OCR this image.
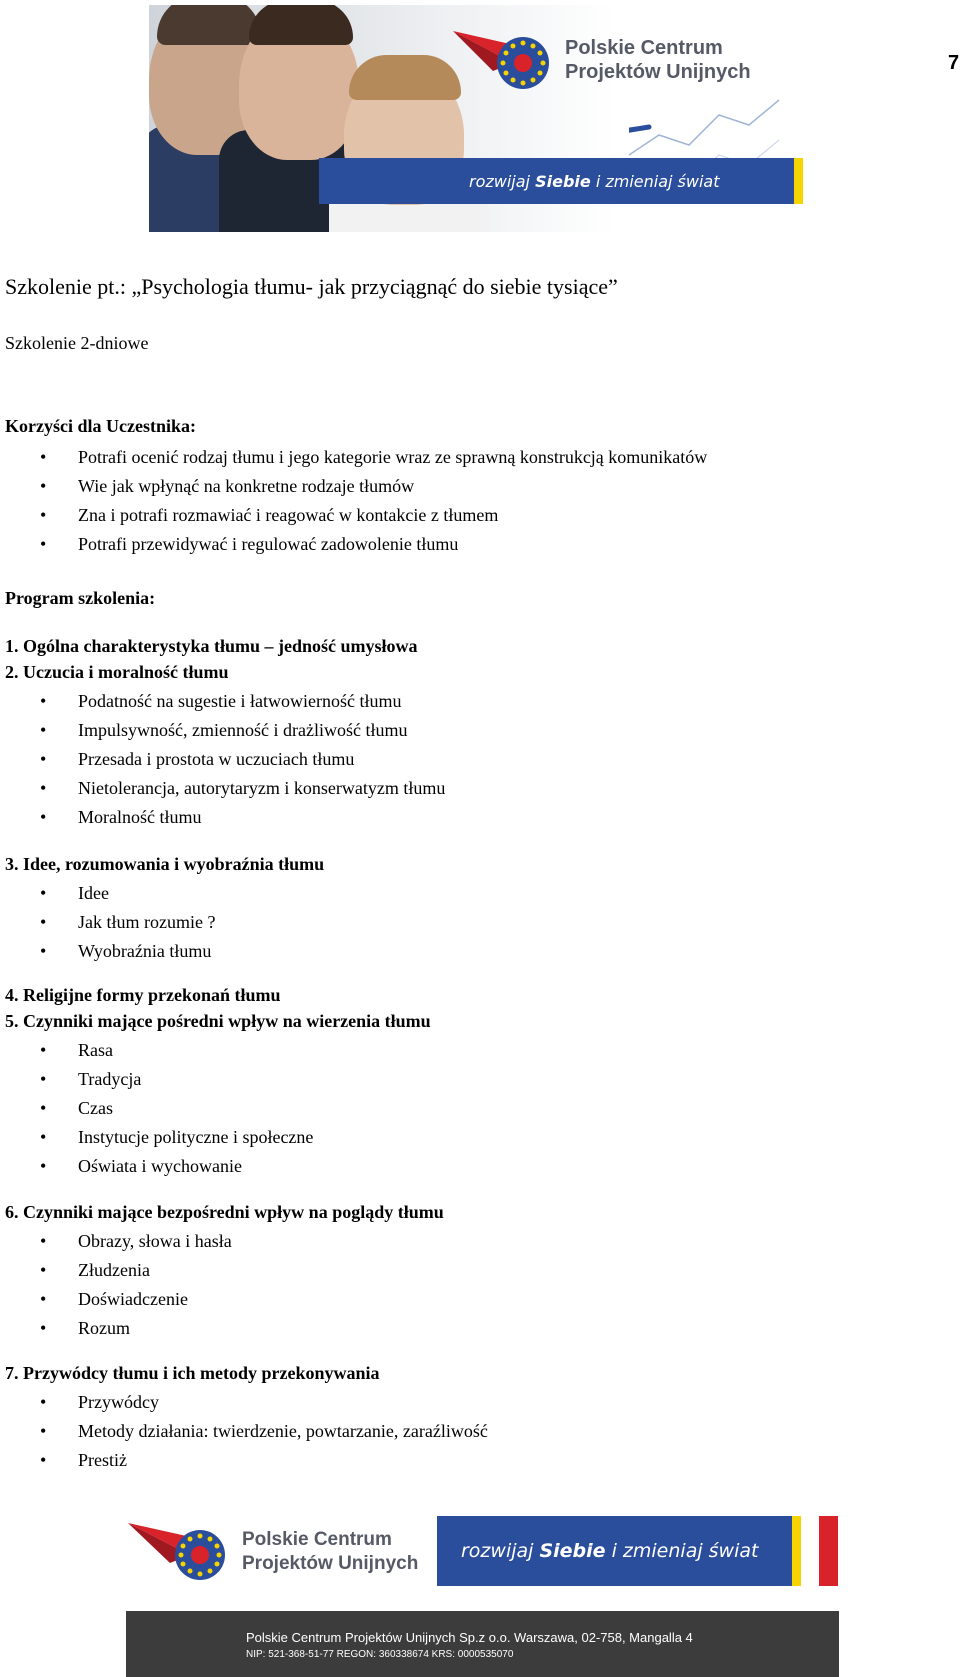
7
Polskie Centrum
Projektów Unijnych
rozwijaj Siebie i zmieniaj świat
Szkolenie pt.: „Psychologia tłumu- jak przyciągnąć do siebie tysiące”
Szkolenie 2-dniowe
Korzyści dla Uczestnika:
• Potrafi ocenić rodzaj tłumu i jego kategorie wraz ze sprawną konstrukcją komunikatów
• Wie jak wpłynąć na konkretne rodzaje tłumów
• Zna i potrafi rozmawiać i reagować w kontakcie z tłumem
• Potrafi przewidywać i regulować zadowolenie tłumu
Program szkolenia:
1. Ogólna charakterystyka tłumu – jedność umysłowa
2. Uczucia i moralność tłumu
• Podatność na sugestie i łatwowierność tłumu
• Impulsywność, zmienność i drażliwość tłumu
• Przesada i prostota w uczuciach tłumu
• Nietolerancja, autorytaryzm i konserwatyzm tłumu
• Moralność tłumu
3. Idee, rozumowania i wyobraźnia tłumu
• Idee
• Jak tłum rozumie ?
• Wyobraźnia tłumu
4. Religijne formy przekonań tłumu
5. Czynniki mające pośredni wpływ na wierzenia tłumu
• Rasa
• Tradycja
• Czas
• Instytucje polityczne i społeczne
• Oświata i wychowanie
6. Czynniki mające bezpośredni wpływ na poglądy tłumu
• Obrazy, słowa i hasła
• Złudzenia
• Doświadczenie
• Rozum
7. Przywódcy tłumu i ich metody przekonywania
• Przywódcy
• Metody działania: twierdzenie, powtarzanie, zaraźliwość
• Prestiż
Polskie Centrum
Projektów Unijnych
rozwijaj Siebie i zmieniaj świat
Polskie Centrum Projektów Unijnych Sp.z o.o. Warszawa, 02-758, Mangalla 4
NIP: 521-368-51-77 REGON: 360338674 KRS: 0000535070
